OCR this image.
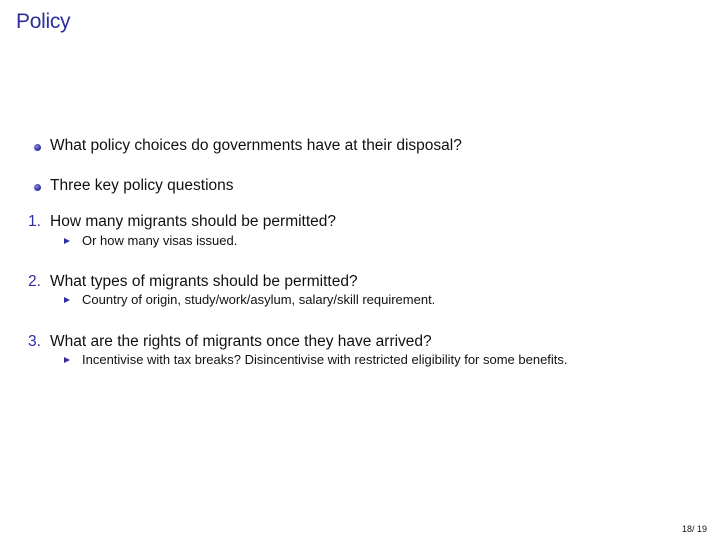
Policy
What policy choices do governments have at their disposal?
Three key policy questions
1. How many migrants should be permitted?
Or how many visas issued.
2. What types of migrants should be permitted?
Country of origin, study/work/asylum, salary/skill requirement.
3. What are the rights of migrants once they have arrived?
Incentivise with tax breaks? Disincentivise with restricted eligibility for some benefits.
18/ 19
